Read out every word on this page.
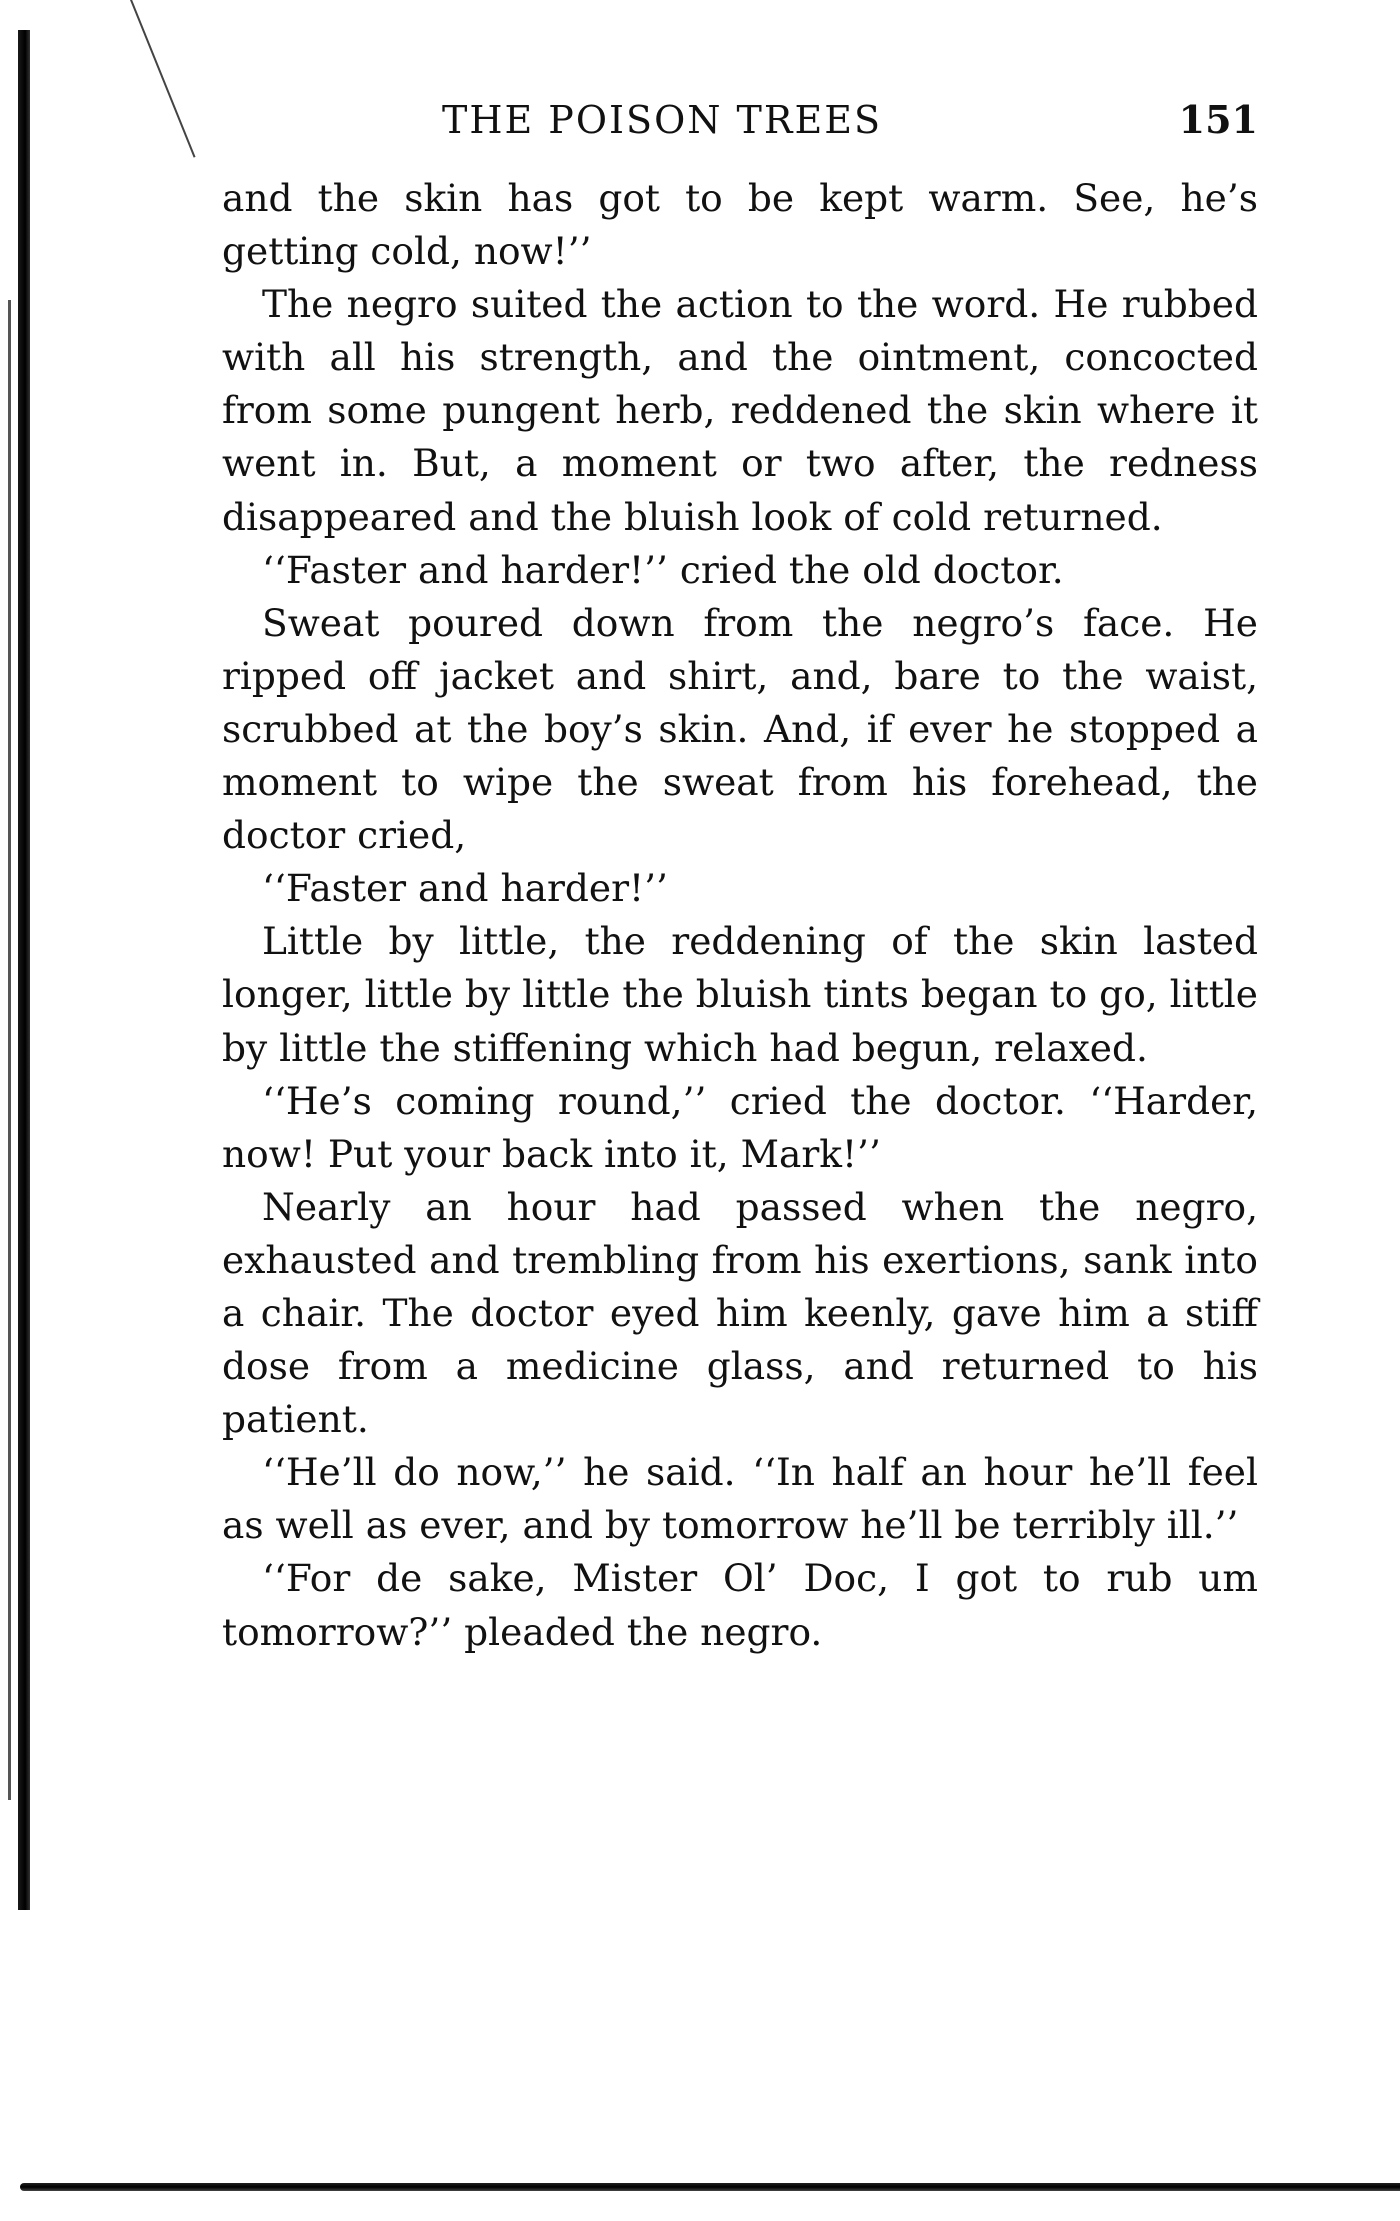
THE POISON TREES	151

and the skin has got to be kept warm. See, he’s getting cold, now!’’

The negro suited the action to the word. He rubbed with all his strength, and the ointment, concocted from some pungent herb, reddened the skin where it went in. But, a moment or two after, the redness disappeared and the bluish look of cold returned.

‘‘Faster and harder!’’ cried the old doctor.

Sweat poured down from the negro’s face. He ripped off jacket and shirt, and, bare to the waist, scrubbed at the boy’s skin. And, if ever he stopped a moment to wipe the sweat from his forehead, the doctor cried,

‘‘Faster and harder!’’

Little by little, the reddening of the skin lasted longer, little by little the bluish tints began to go, little by little the stiffening which had begun, relaxed.

‘‘He’s coming round,’’ cried the doctor. ‘‘Harder, now! Put your back into it, Mark!’’

Nearly an hour had passed when the negro, exhausted and trembling from his exertions, sank into a chair. The doctor eyed him keenly, gave him a stiff dose from a medicine glass, and returned to his patient.

‘‘He’ll do now,’’ he said. ‘‘In half an hour he’ll feel as well as ever, and by tomorrow he’ll be terribly ill.’’

‘‘For de sake, Mister Ol’ Doc, I got to rub um tomorrow?’’ pleaded the negro.
